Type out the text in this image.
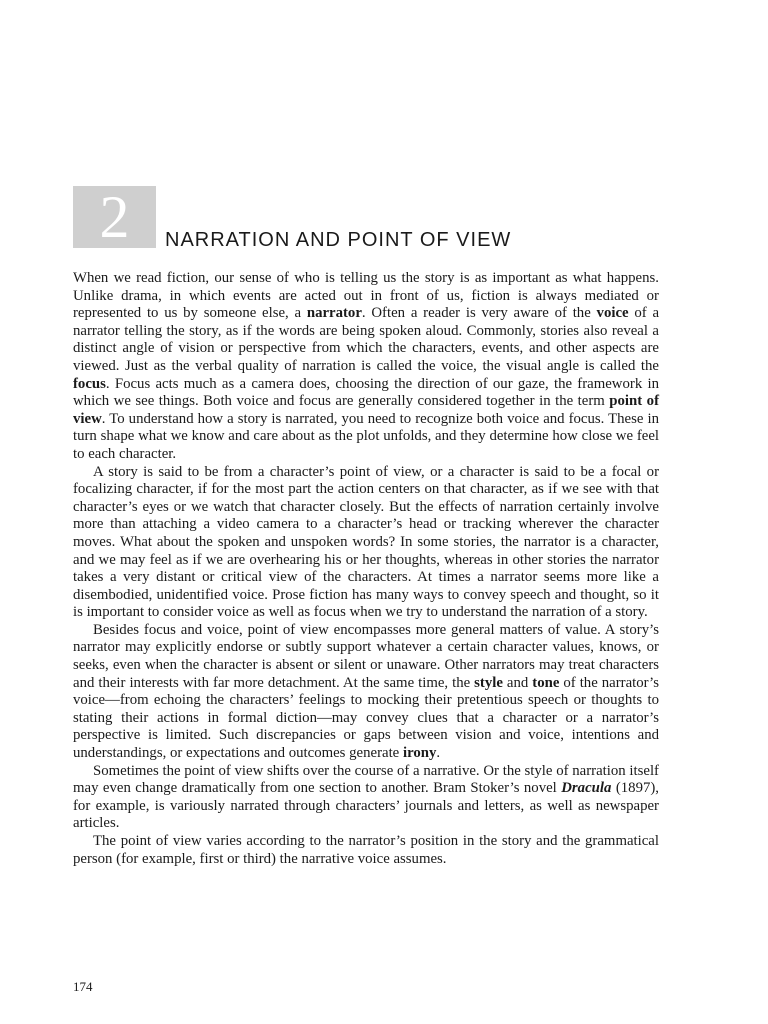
2 NARRATION AND POINT OF VIEW

When we read fiction, our sense of who is telling us the story is as important as what happens. Unlike drama, in which events are acted out in front of us, fiction is always mediated or represented to us by someone else, a narrator. Often a reader is very aware of the voice of a narrator telling the story, as if the words are being spoken aloud. Commonly, stories also reveal a distinct angle of vision or perspective from which the characters, events, and other aspects are viewed. Just as the verbal quality of narration is called the voice, the visual angle is called the focus. Focus acts much as a camera does, choosing the direction of our gaze, the framework in which we see things. Both voice and focus are generally considered together in the term point of view. To understand how a story is narrated, you need to recognize both voice and focus. These in turn shape what we know and care about as the plot unfolds, and they determine how close we feel to each character.

A story is said to be from a character’s point of view, or a character is said to be a focal or focalizing character, if for the most part the action centers on that character, as if we see with that character’s eyes or we watch that character closely. But the effects of narration certainly involve more than attaching a video camera to a character’s head or tracking wherever the character moves. What about the spoken and unspoken words? In some stories, the narrator is a character, and we may feel as if we are overhearing his or her thoughts, whereas in other stories the narrator takes a very distant or critical view of the characters. At times a narrator seems more like a disembodied, unidentified voice. Prose fiction has many ways to convey speech and thought, so it is important to consider voice as well as focus when we try to understand the narration of a story.

Besides focus and voice, point of view encompasses more general matters of value. A story’s narrator may explicitly endorse or subtly support whatever a certain character values, knows, or seeks, even when the character is absent or silent or unaware. Other narrators may treat characters and their interests with far more detachment. At the same time, the style and tone of the narrator’s voice—from echoing the characters’ feelings to mocking their pretentious speech or thoughts to stating their actions in formal diction—may convey clues that a character or a narrator’s perspective is limited. Such discrepancies or gaps between vision and voice, intentions and understandings, or expectations and outcomes generate irony.

Sometimes the point of view shifts over the course of a narrative. Or the style of narration itself may even change dramatically from one section to another. Bram Stoker’s novel Dracula (1897), for example, is variously narrated through characters’ journals and letters, as well as newspaper articles.

The point of view varies according to the narrator’s position in the story and the grammatical person (for example, first or third) the narrative voice assumes.

174
